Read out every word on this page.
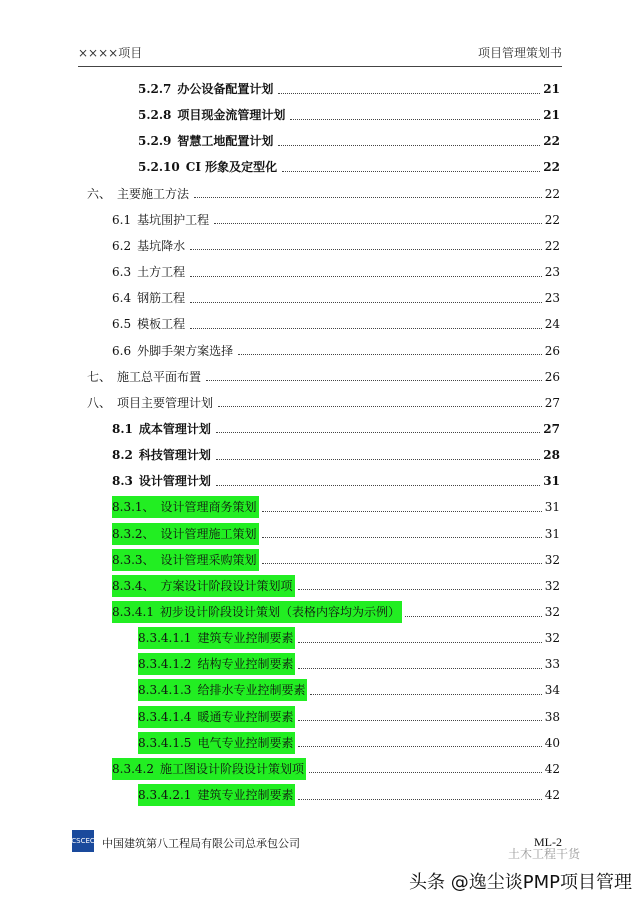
××××项目	项目管理策划书
5.2.7 办公设备配置计划	21
5.2.8 项目现金流管理计划	21
5.2.9 智慧工地配置计划	22
5.2.10 CI 形象及定型化	22
六、 主要施工方法	22
6.1 基坑围护工程	22
6.2 基坑降水	22
6.3 土方工程	23
6.4 钢筋工程	23
6.5 模板工程	24
6.6 外脚手架方案选择	26
七、 施工总平面布置	26
八、 项目主要管理计划	27
8.1 成本管理计划	27
8.2 科技管理计划	28
8.3 设计管理计划	31
8.3.1、 设计管理商务策划	31
8.3.2、 设计管理施工策划	31
8.3.3、 设计管理采购策划	32
8.3.4、 方案设计阶段设计策划项	32
8.3.4.1 初步设计阶段设计策划（表格内容均为示例）	32
8.3.4.1.1 建筑专业控制要素	32
8.3.4.1.2 结构专业控制要素	33
8.3.4.1.3 给排水专业控制要素	34
8.3.4.1.4 暖通专业控制要素	38
8.3.4.1.5 电气专业控制要素	40
8.3.4.2 施工图设计阶段设计策划项	42
8.3.4.2.1 建筑专业控制要素	42
CSCEC 中国建筑第八工程局有限公司总承包公司	ML-2
土木工程干货
头条 @逸尘谈PMP项目管理
